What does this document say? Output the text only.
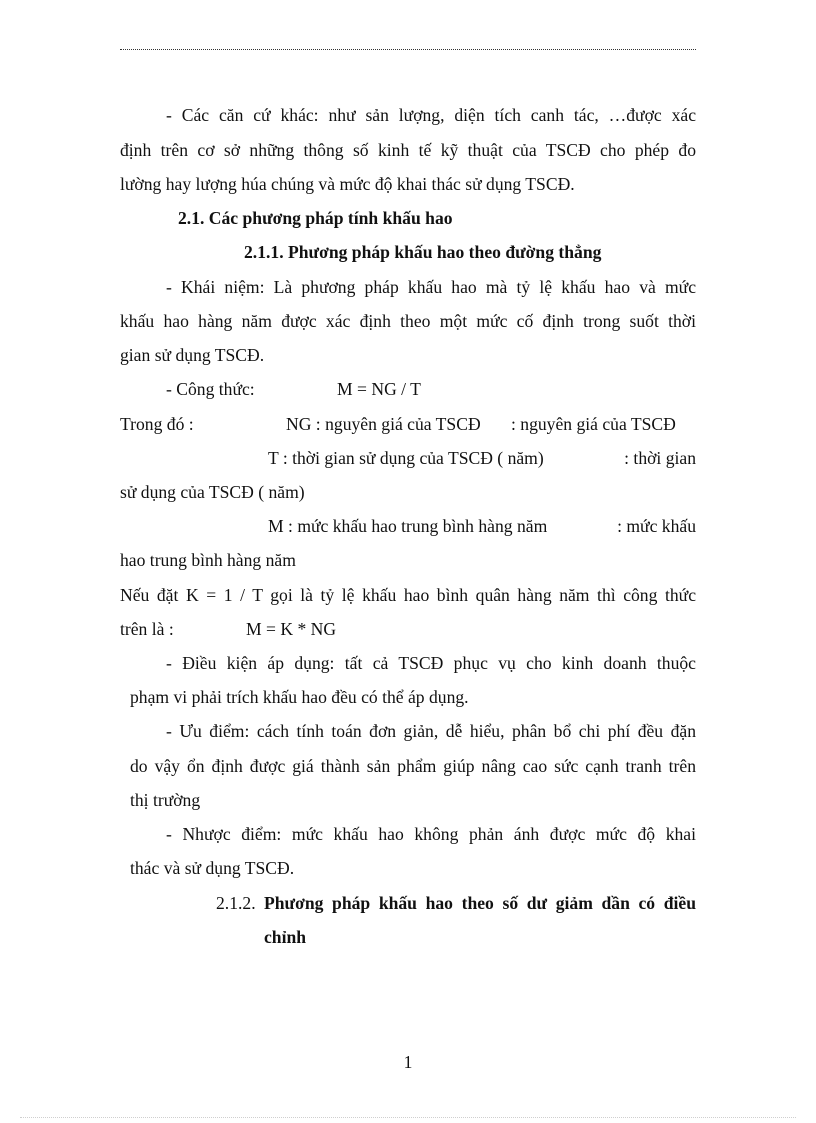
- Các căn cứ khác: như sản lượng, diện tích canh tác, …được xác
định trên cơ sở những thông số kinh tế kỹ thuật của TSCĐ cho phép đo
lường hay lượng húa chúng và mức độ khai thác sử dụng TSCĐ.
2.1. Các phương pháp tính khấu hao
2.1.1. Phương pháp khấu hao theo đường thẳng
- Khái niệm: Là phương pháp khấu hao mà tỷ lệ khấu hao và mức
khấu hao hàng năm được xác định theo một mức cố định trong suốt thời
gian sử dụng TSCĐ.
- Công thức:	M = NG / T
Trong đó :	NG : nguyên giá của TSCĐ : nguyên giá của TSCĐ
T : thời gian sử dụng của TSCĐ ( năm)	: thời gian
sử dụng của TSCĐ ( năm)
M : mức khấu hao trung bình hàng năm	: mức khấu
hao trung bình hàng năm
Nếu đặt K = 1 / T gọi là tỷ lệ khấu hao bình quân hàng năm thì công thức
trên là :	M = K * NG
- Điều kiện áp dụng: tất cả TSCĐ phục vụ cho kinh doanh thuộc
phạm vi phải trích khấu hao đều có thể áp dụng.
- Ưu điểm: cách tính toán đơn giản, dễ hiểu, phân bổ chi phí đều đặn
do vậy ổn định được giá thành sản phẩm giúp nâng cao sức cạnh tranh trên
thị trường
- Nhược điểm: mức khấu hao không phản ánh được mức độ khai
thác và sử dụng TSCĐ.
2.1.2. Phương pháp khấu hao theo số dư giảm dần có điều
chỉnh
1
